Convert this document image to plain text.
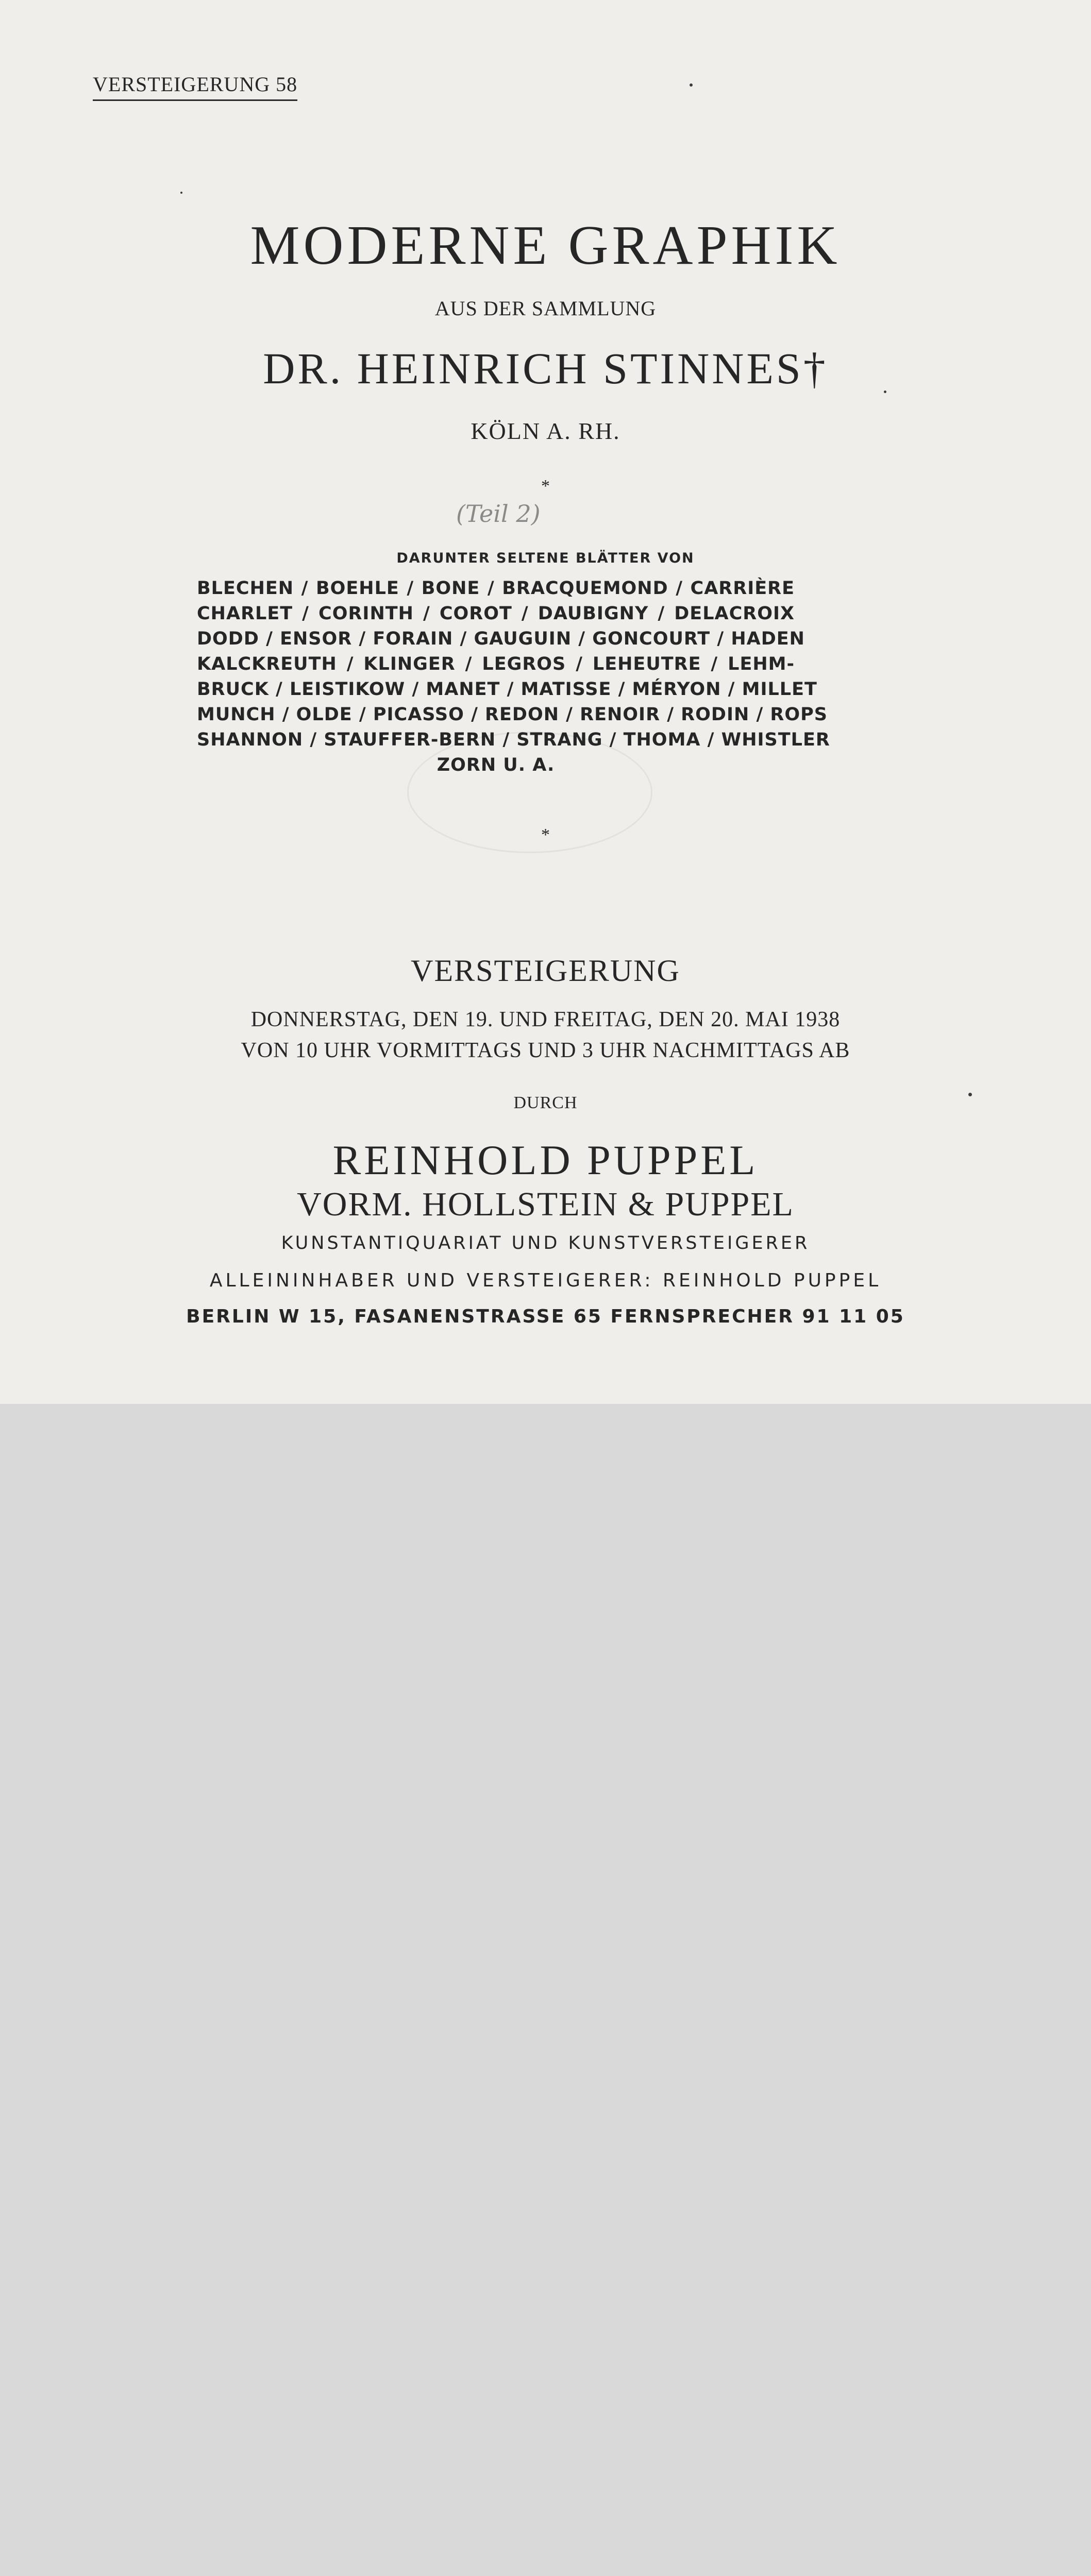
VERSTEIGERUNG 58
MODERNE GRAPHIK
AUS DER SAMMLUNG
DR. HEINRICH STINNES†
KÖLN A. RH.
*
(Teil 2)
DARUNTER SELTENE BLÄTTER VON
BLECHEN / BOEHLE / BONE / BRACQUEMOND / CARRIÈRE
CHARLET / CORINTH / COROT / DAUBIGNY / DELACROIX
DODD / ENSOR / FORAIN / GAUGUIN / GONCOURT / HADEN
KALCKREUTH / KLINGER / LEGROS / LEHEUTRE / LEHM-
BRUCK / LEISTIKOW / MANET / MATISSE / MÉRYON / MILLET
MUNCH / OLDE / PICASSO / REDON / RENOIR / RODIN / ROPS
SHANNON / STAUFFER-BERN / STRANG / THOMA / WHISTLER
ZORN U. A.
*
VERSTEIGERUNG
DONNERSTAG, DEN 19. UND FREITAG, DEN 20. MAI 1938
VON 10 UHR VORMITTAGS UND 3 UHR NACHMITTAGS AB
DURCH
REINHOLD PUPPEL
VORM. HOLLSTEIN & PUPPEL
KUNSTANTIQUARIAT UND KUNSTVERSTEIGERER
ALLEININHABER UND VERSTEIGERER: REINHOLD PUPPEL
BERLIN W 15, FASANENSTRASSE 65 FERNSPRECHER 91 11 05
